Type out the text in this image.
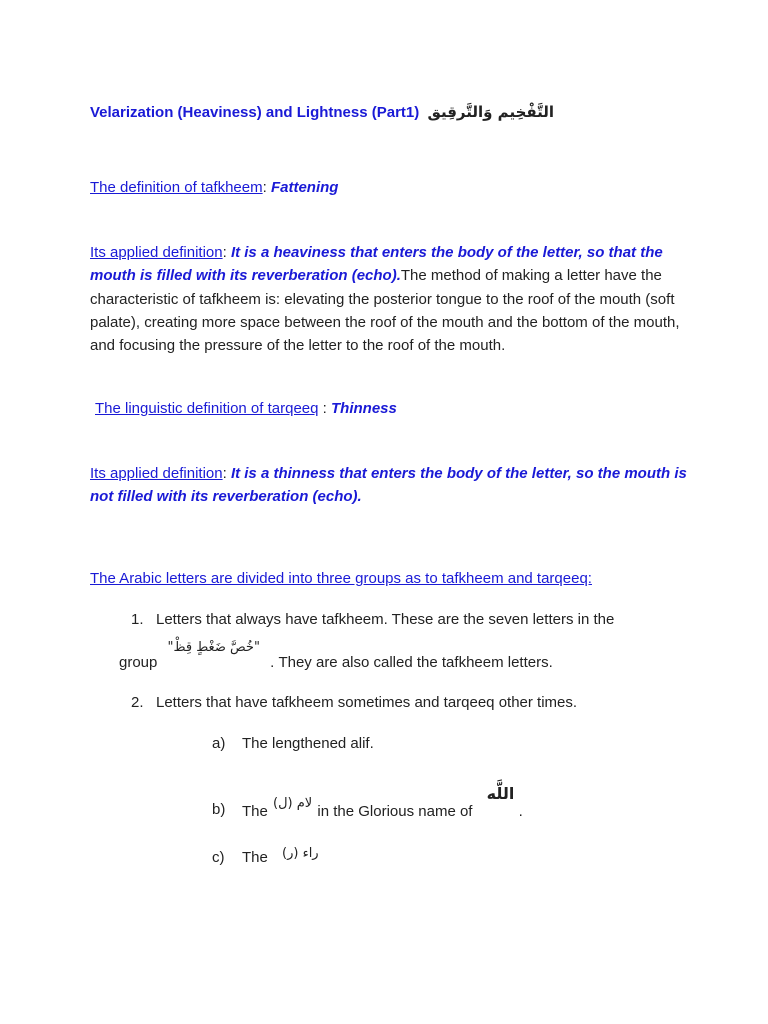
Velarization (Heaviness) and Lightness (Part1) التَّفْخِيم وَالتَّرقِيق
The definition of tafkheem: Fattening
Its applied definition: It is a heaviness that enters the body of the letter, so that the mouth is filled with its reverberation (echo).The method of making a letter have the characteristic of tafkheem is: elevating the posterior tongue to the roof of the mouth (soft palate), creating more space between the roof of the mouth and the bottom of the mouth, and focusing the pressure of the letter to the roof of the mouth.
The linguistic definition of tarqeeq : Thinness
Its applied definition: It is a thinness that enters the body of the letter, so the mouth is not filled with its reverberation (echo).
The Arabic letters are divided into three groups as to tafkheem and tarqeeq:
1. Letters that always have tafkheem. These are the seven letters in the
group "خُصَّ ضَغْطٍ قِظْ" . They are also called the tafkheem letters.
2. Letters that have tafkheem sometimes and tarqeeq other times.
a) The lengthened alif.
b) The لام (ل) in the Glorious name of اللَّه .
c) The راء (ر)
